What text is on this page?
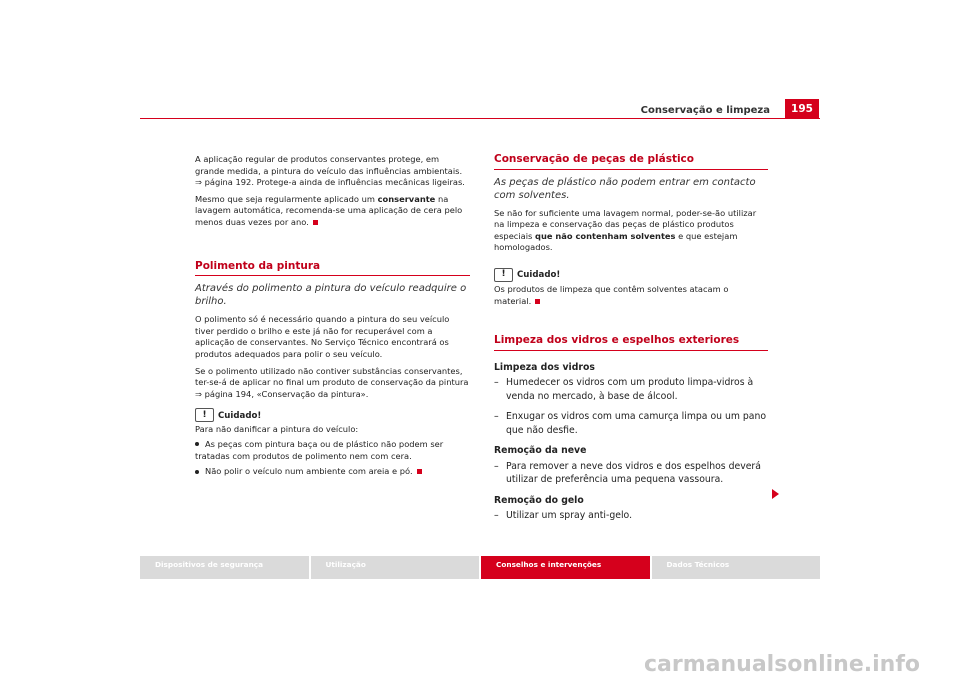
Conservação e limpeza	195

A aplicação regular de produtos conservantes protege, em grande medida, a pintura do veículo das influências ambientais. ⇒ página 192. Protege-a ainda de influências mecânicas ligeiras.

Mesmo que seja regularmente aplicado um conservante na lavagem automática, recomenda-se uma aplicação de cera pelo menos duas vezes por ano.

Polimento da pintura
Através do polimento a pintura do veículo readquire o brilho.

O polimento só é necessário quando a pintura do seu veículo tiver perdido o brilho e este já não for recuperável com a aplicação de conservantes. No Serviço Técnico encontrará os produtos adequados para polir o seu veículo.

Se o polimento utilizado não contiver substâncias conservantes, ter-se-á de aplicar no final um produto de conservação da pintura ⇒ página 194, «Conservação da pintura».

!	Cuidado!

Para não danificar a pintura do veículo:

As peças com pintura baça ou de plástico não podem ser tratadas com produtos de polimento nem com cera.

Não polir o veículo num ambiente com areia e pó.

Conservação de peças de plástico
As peças de plástico não podem entrar em contacto com solventes.

Se não for suficiente uma lavagem normal, poder-se-ão utilizar na limpeza e conservação das peças de plástico produtos especiais que não contenham solventes e que estejam homologados.

!	Cuidado!

Os produtos de limpeza que contêm solventes atacam o material.

Limpeza dos vidros e espelhos exteriores
Limpeza dos vidros
– Humedecer os vidros com um produto limpa-vidros à venda no mercado, à base de álcool.
– Enxugar os vidros com uma camurça limpa ou um pano que não desfie.
Remoção da neve
– Para remover a neve dos vidros e dos espelhos deverá utilizar de preferência uma pequena vassoura.
Remoção do gelo
– Utilizar um spray anti-gelo.
Dispositivos de segurança	Utilização	Conselhos e intervenções	Dados Técnicos
carmanualsonline.info
